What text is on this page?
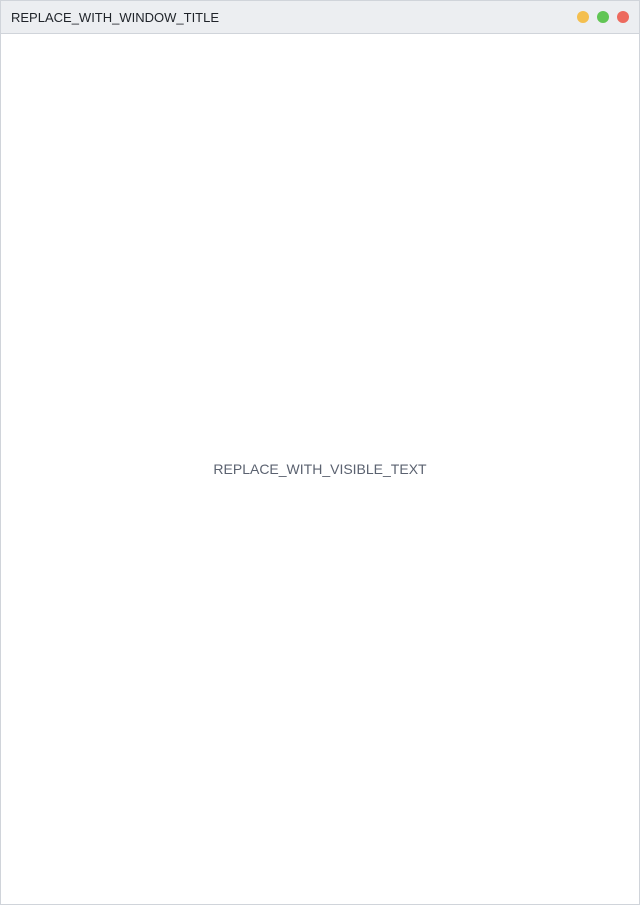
REPLACE_WITH_WINDOW_TITLE

REPLACE_WITH_VISIBLE_TEXT
